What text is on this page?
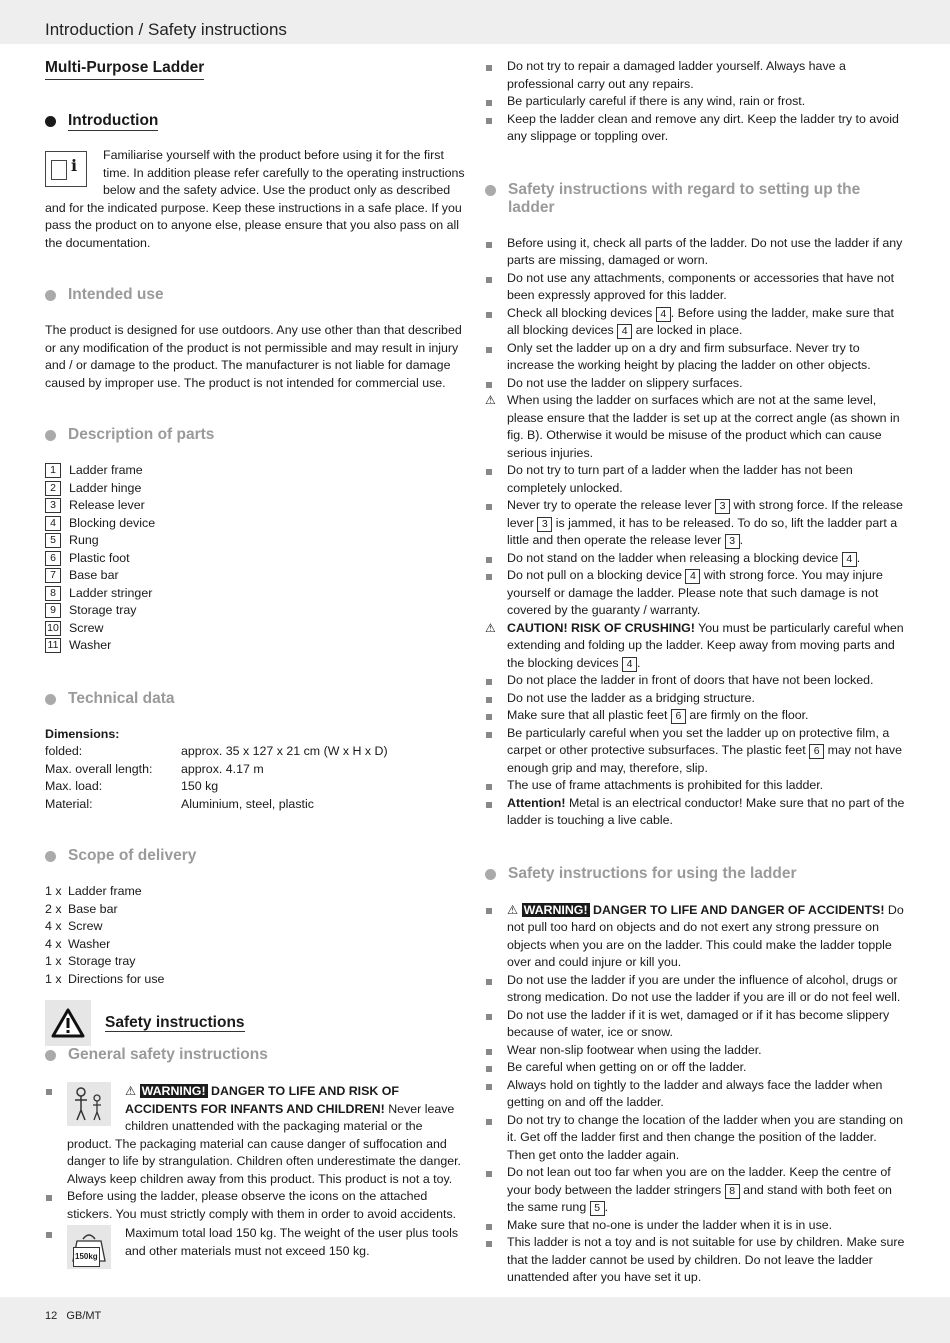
Introduction / Safety instructions
Multi-Purpose Ladder
Introduction
i

Familiarise yourself with the product before using it for the first time. In addition please refer carefully to the operating instructions below and the safety advice. Use the product only as described and for the indicated purpose. Keep these instructions in a safe place. If you pass the product on to anyone else, please ensure that you also pass on all the documentation.

Intended use

The product is designed for use outdoors. Any use other than that described or any modification of the product is not permissible and may result in injury and / or damage to the product. The manufacturer is not liable for damage caused by improper use. The product is not intended for commercial use.

Description of parts
1	Ladder frame
2	Ladder hinge
3	Release lever
4	Blocking device
5	Rung
6	Plastic foot
7	Base bar
8	Ladder stringer
9	Storage tray
10 Screw
11 Washer
Technical data
Dimensions:
folded:	approx. 35 x 127 x 21 cm (W x H x D)
Max. overall length:	approx. 4.17 m
Max. load:	150 kg
Material:	Aluminium, steel, plastic
Scope of delivery
1 x Ladder frame
2 x Base bar
4 x Screw
4 x Washer
1 x Storage tray
1 x Directions for use
Safety instructions
General safety instructions
⚠ WARNING! DANGER TO LIFE AND RISK OF ACCIDENTS FOR INFANTS AND CHILDREN! Never leave children unattended with the packaging material or the product. The packaging material can cause danger of suffocation and danger to life by strangulation. Children often underestimate the danger. Always keep children away from this product. This product is not a toy.
Before using the ladder, please observe the icons on the attached stickers. You must strictly comply with them in order to avoid accidents.
150kg
Maximum total load 150 kg. The weight of the user plus tools and other materials must not exceed 150 kg.
Do not try to repair a damaged ladder yourself. Always have a professional carry out any repairs.
Be particularly careful if there is any wind, rain or frost.
Keep the ladder clean and remove any dirt. Keep the ladder try to avoid any slippage or toppling over.
Safety instructions with regard to setting up the ladder
Before using it, check all parts of the ladder. Do not use the ladder if any parts are missing, damaged or worn.
Do not use any attachments, components or accessories that have not been expressly approved for this ladder.
Check all blocking devices 4 . Before using the ladder, make sure that all blocking devices 4 are locked in place.
Only set the ladder up on a dry and firm subsurface. Never try to increase the working height by placing the ladder on other objects.
Do not use the ladder on slippery surfaces.
⚠ When using the ladder on surfaces which are not at the same level, please ensure that the ladder is set up at the correct angle (as shown in fig. B). Otherwise it would be misuse of the product which can cause serious injuries.
Do not try to turn part of a ladder when the ladder has not been completely unlocked.
Never try to operate the release lever 3 with strong force. If the release lever 3 is jammed, it has to be released. To do so, lift the ladder part a little and then operate the release lever 3 .
Do not stand on the ladder when releasing a blocking device 4 .
Do not pull on a blocking device 4 with strong force. You may injure yourself or damage the ladder. Please note that such damage is not covered by the guaranty / warranty.
⚠ CAUTION! RISK OF CRUSHING! You must be particularly careful when extending and folding up the ladder. Keep away from moving parts and the blocking devices 4 .
Do not place the ladder in front of doors that have not been locked.
Do not use the ladder as a bridging structure.
Make sure that all plastic feet 6 are firmly on the floor.
Be particularly careful when you set the ladder up on protective film, a carpet or other protective subsurfaces. The plastic feet 6 may not have enough grip and may, therefore, slip.
The use of frame attachments is prohibited for this ladder.
Attention! Metal is an electrical conductor! Make sure that no part of the ladder is touching a live cable.
Safety instructions for using the ladder
⚠ WARNING! DANGER TO LIFE AND DANGER OF ACCIDENTS! Do not pull too hard on objects and do not exert any strong pressure on objects when you are on the ladder. This could make the ladder topple over and could injure or kill you.
Do not use the ladder if you are under the influence of alcohol, drugs or strong medication. Do not use the ladder if you are ill or do not feel well.
Do not use the ladder if it is wet, damaged or if it has become slippery because of water, ice or snow.
Wear non-slip footwear when using the ladder.
Be careful when getting on or off the ladder.
Always hold on tightly to the ladder and always face the ladder when getting on and off the ladder.
Do not try to change the location of the ladder when you are standing on it. Get off the ladder first and then change the position of the ladder. Then get onto the ladder again.
Do not lean out too far when you are on the ladder. Keep the centre of your body between the ladder stringers 8 and stand with both feet on the same rung 5 .
Make sure that no-one is under the ladder when it is in use.
This ladder is not a toy and is not suitable for use by children. Make sure that the ladder cannot be used by children. Do not leave the ladder unattended after you have set it up.
12 GB/MT
